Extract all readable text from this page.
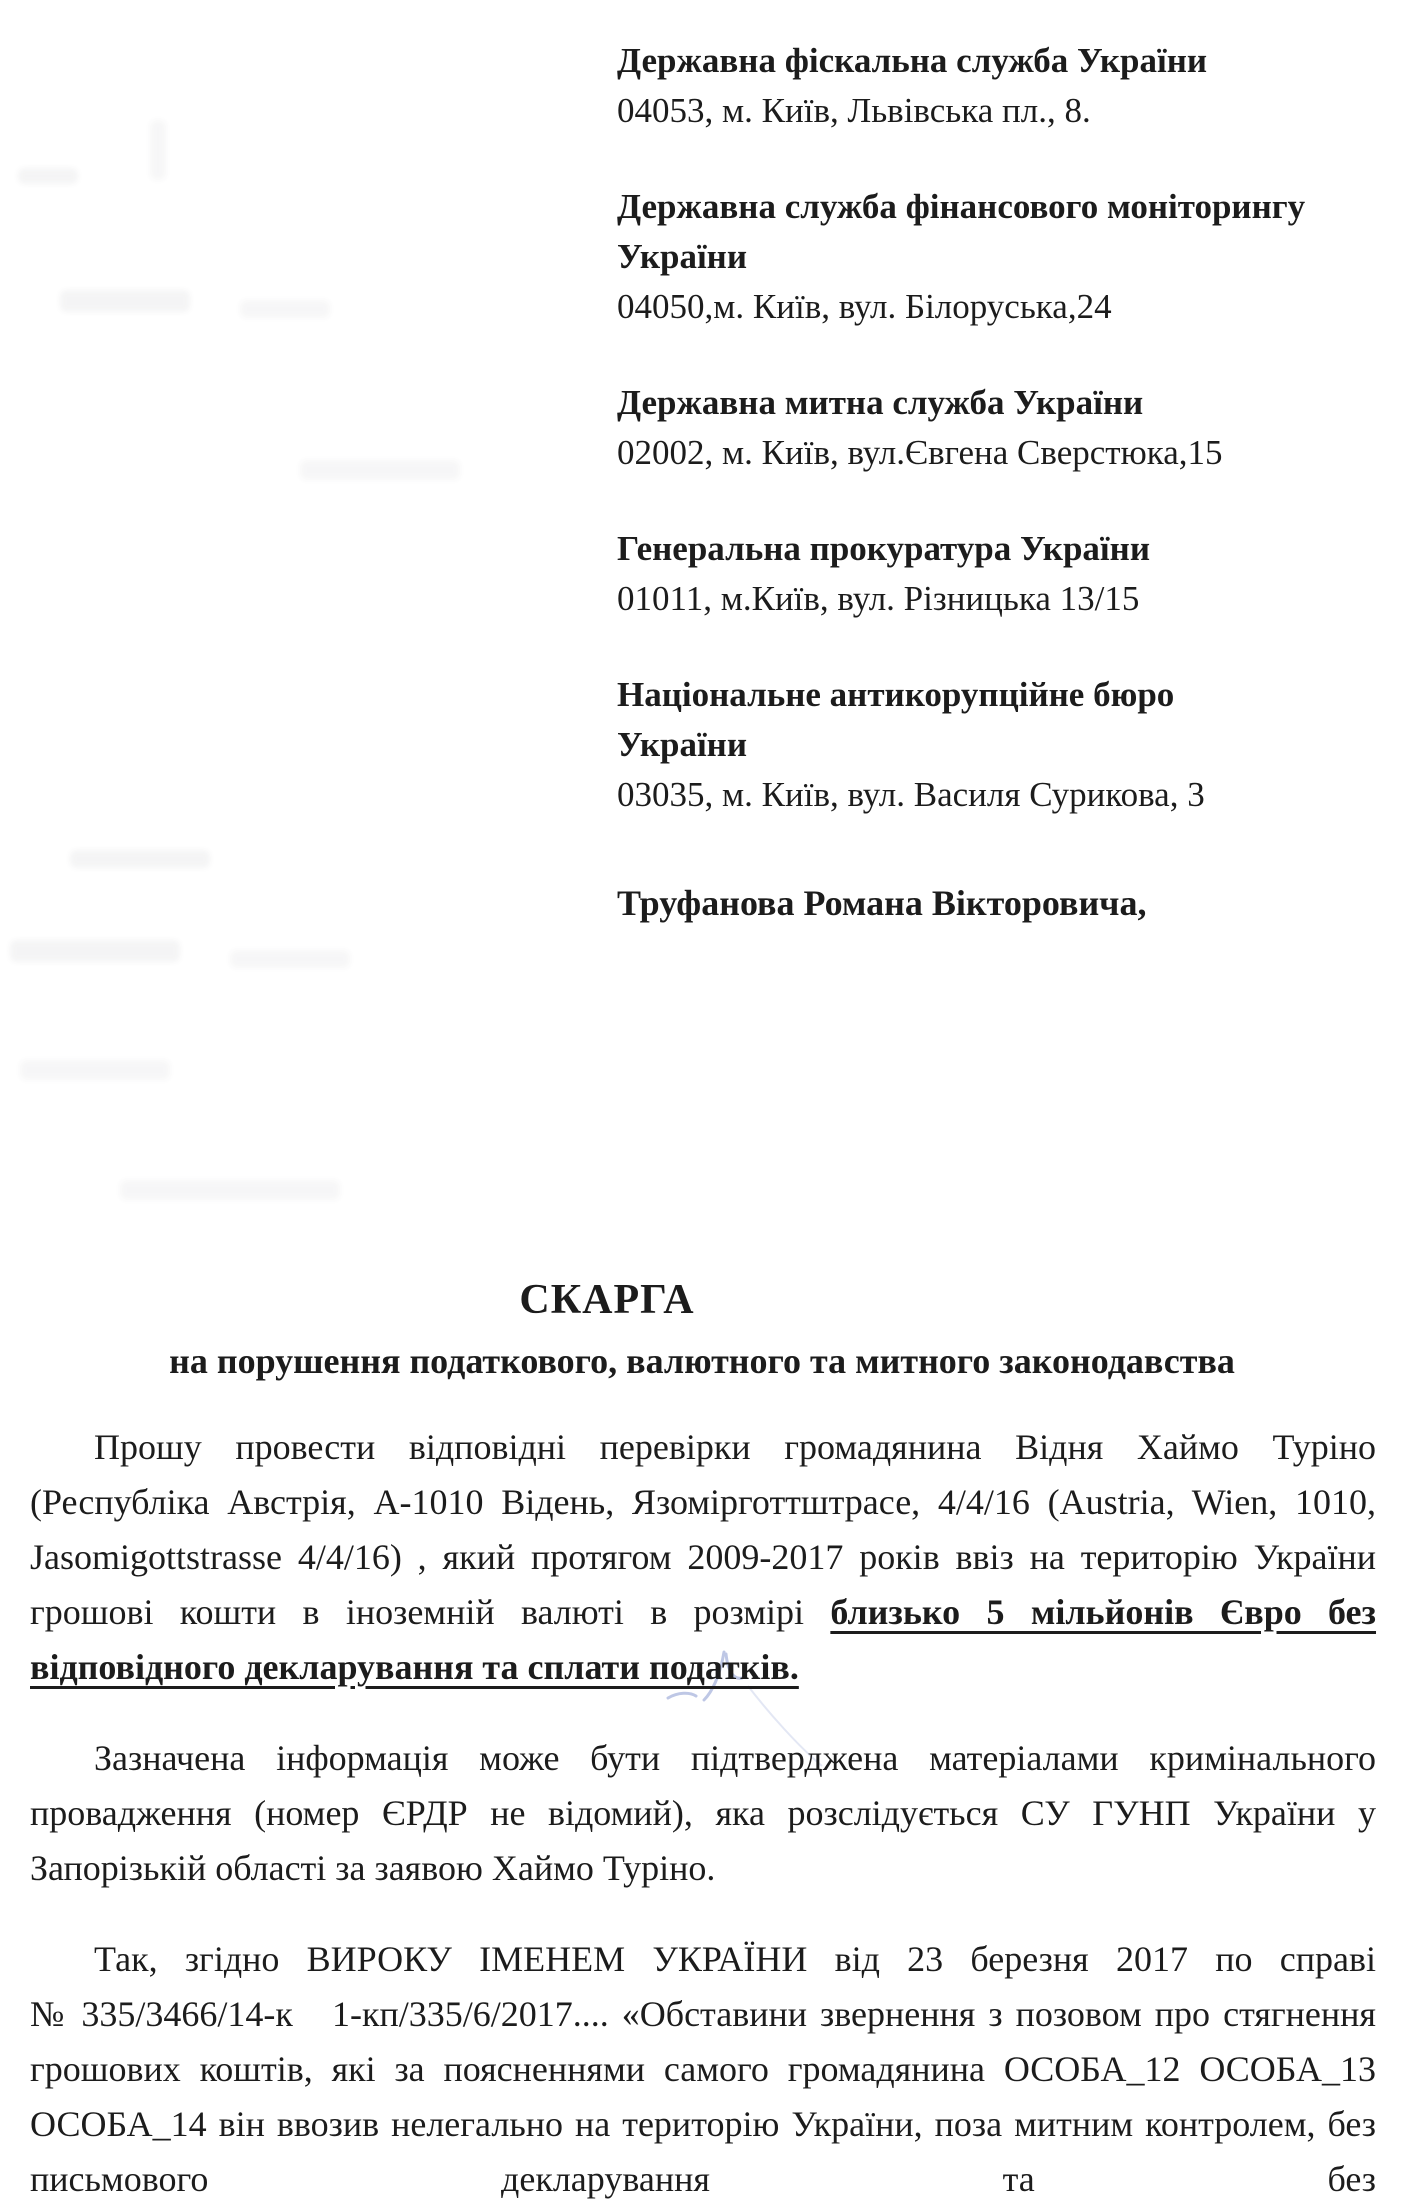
Державна фіскальна служба України
04053, м. Київ, Львівська пл., 8.
Державна служба фінансового моніторингу України
04050,м. Київ, вул. Білоруська,24
Державна митна служба України
02002, м. Київ, вул.Євгена Сверстюка,15
Генеральна прокуратура України
01011, м.Київ, вул. Різницька 13/15
Національне антикорупційне бюро України
03035, м. Київ, вул. Василя Сурикова, 3
Труфанова Романа Вікторовича,
СКАРГА
на порушення податкового, валютного та митного законодавства

Прошу провести відповідні перевірки громадянина Відня Хаймо Туріно (Республіка Австрія, А-1010 Відень, Язомірготтштрасе, 4/4/16 (Austria, Wien, 1010, Jasomigottstrasse 4/4/16) , який протягом 2009-2017 років ввіз на територію України грошові кошти в іноземній валюті в розмірі близько 5 мільйонів Євро без відповідного декларування та сплати податків.

Зазначена інформація може бути підтверджена матеріалами кримінального провадження (номер ЄРДР не відомий), яка розслідується СУ ГУНП України у Запорізькій області за заявою Хаймо Туріно.

Так, згідно ВИРОКУ ІМЕНЕМ УКРАЇНИ від 23 березня 2017 по справі № 335/3466/14-к   1-кп/335/6/2017.... «Обставини звернення з позовом про стягнення грошових коштів, які за поясненнями самого громадянина ОСОБА_12 ОСОБА_13 ОСОБА_14 він ввозив нелегально на територію України, поза митним контролем, без письмового декларування та без
